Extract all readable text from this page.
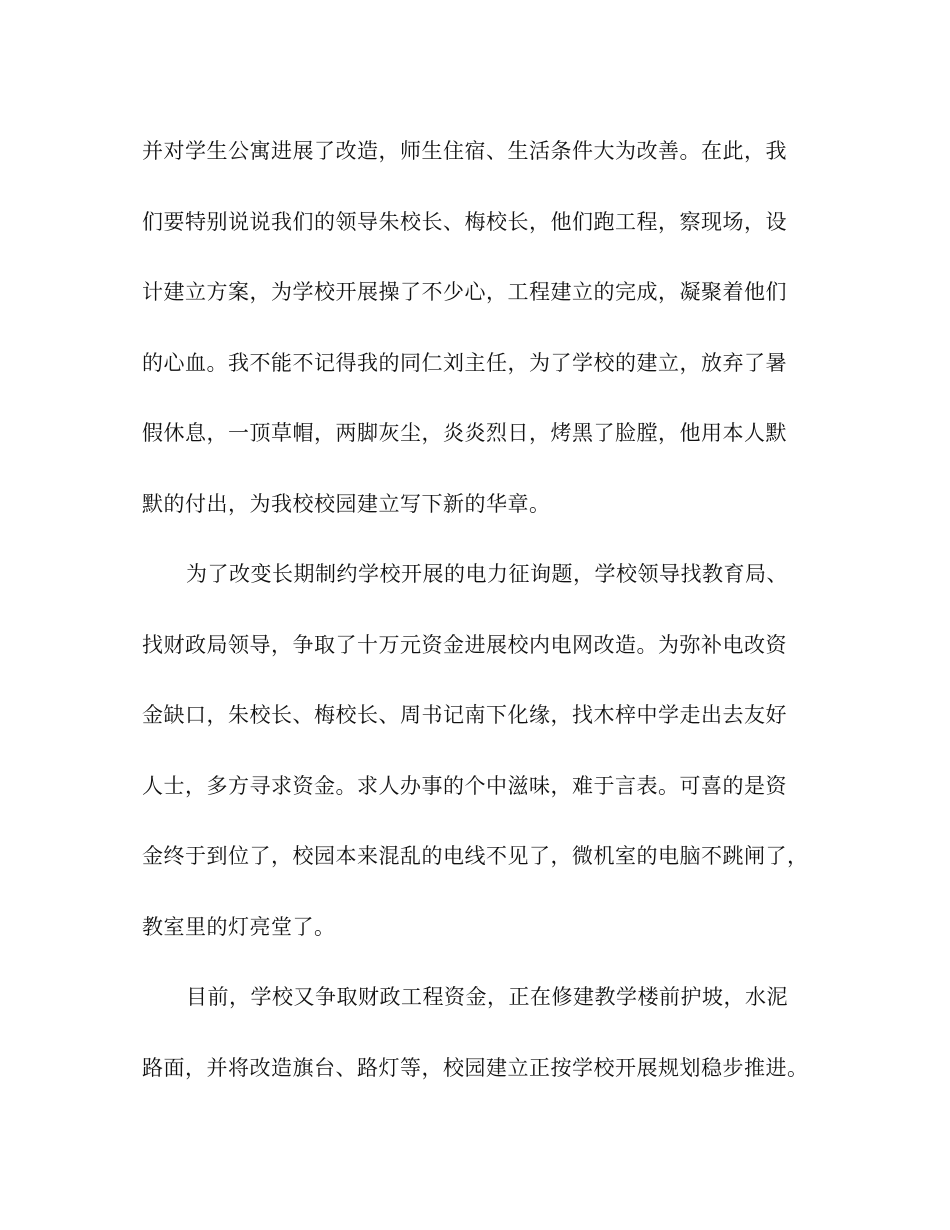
并对学生公寓进展了改造，师生住宿、生活条件大为改善。在此，我
们要特别说说我们的领导朱校长、梅校长，他们跑工程，察现场，设
计建立方案，为学校开展操了不少心，工程建立的完成，凝聚着他们
的心血。我不能不记得我的同仁刘主任，为了学校的建立，放弃了暑
假休息，一顶草帽，两脚灰尘，炎炎烈日，烤黑了脸膛，他用本人默
默的付出，为我校校园建立写下新的华章。

为了改变长期制约学校开展的电力征询题，学校领导找教育局、
找财政局领导，争取了十万元资金进展校内电网改造。为弥补电改资
金缺口，朱校长、梅校长、周书记南下化缘，找木梓中学走出去友好
人士，多方寻求资金。求人办事的个中滋味，难于言表。可喜的是资
金终于到位了，校园本来混乱的电线不见了，微机室的电脑不跳闸了，
教室里的灯亮堂了。

目前，学校又争取财政工程资金，正在修建教学楼前护坡，水泥
路面，并将改造旗台、路灯等，校园建立正按学校开展规划稳步推进。
